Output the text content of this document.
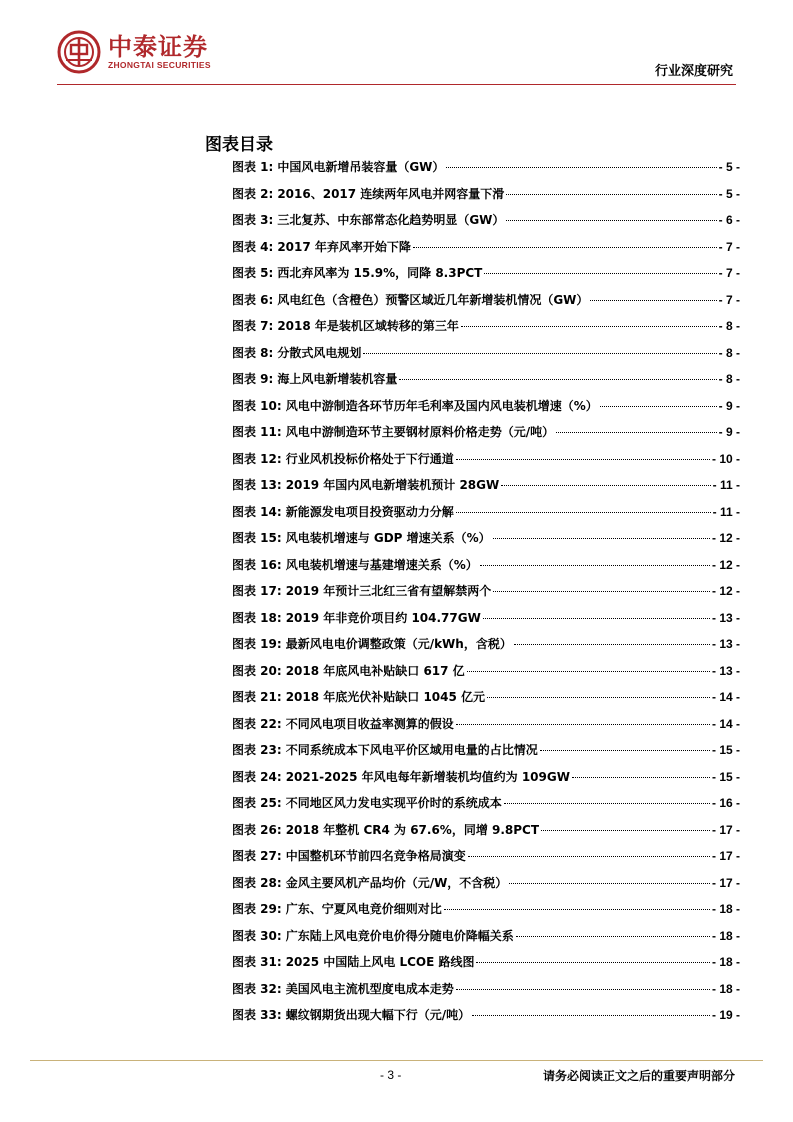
中泰证券
ZHONGTAI SECURITIES	行业深度研究
图表目录
图表 1: 中国风电新增吊装容量（GW）	- 5 -
图表 2: 2016、2017 连续两年风电并网容量下滑	- 5 -
图表 3: 三北复苏、中东部常态化趋势明显（GW）	- 6 -
图表 4: 2017 年弃风率开始下降	- 7 -
图表 5: 西北弃风率为 15.9%，同降 8.3PCT	- 7 -
图表 6: 风电红色（含橙色）预警区域近几年新增装机情况（GW）	- 7 -
图表 7: 2018 年是装机区域转移的第三年	- 8 -
图表 8: 分散式风电规划	- 8 -
图表 9: 海上风电新增装机容量	- 8 -
图表 10: 风电中游制造各环节历年毛利率及国内风电装机增速（%）	- 9 -
图表 11: 风电中游制造环节主要钢材原料价格走势（元/吨）	- 9 -
图表 12: 行业风机投标价格处于下行通道	- 10 -
图表 13: 2019 年国内风电新增装机预计 28GW	- 11 -
图表 14: 新能源发电项目投资驱动力分解	- 11 -
图表 15: 风电装机增速与 GDP 增速关系（%）	- 12 -
图表 16: 风电装机增速与基建增速关系（%）	- 12 -
图表 17: 2019 年预计三北红三省有望解禁两个	- 12 -
图表 18: 2019 年非竞价项目约 104.77GW	- 13 -
图表 19: 最新风电电价调整政策（元/kWh，含税）	- 13 -
图表 20: 2018 年底风电补贴缺口 617 亿	- 13 -
图表 21: 2018 年底光伏补贴缺口 1045 亿元	- 14 -
图表 22: 不同风电项目收益率测算的假设	- 14 -
图表 23: 不同系统成本下风电平价区域用电量的占比情况	- 15 -
图表 24: 2021-2025 年风电每年新增装机均值约为 109GW	- 15 -
图表 25: 不同地区风力发电实现平价时的系统成本	- 16 -
图表 26: 2018 年整机 CR4 为 67.6%，同增 9.8PCT	- 17 -
图表 27: 中国整机环节前四名竞争格局演变	- 17 -
图表 28: 金风主要风机产品均价（元/W，不含税）	- 17 -
图表 29: 广东、宁夏风电竞价细则对比	- 18 -
图表 30: 广东陆上风电竞价电价得分随电价降幅关系	- 18 -
图表 31: 2025 中国陆上风电 LCOE 路线图	- 18 -
图表 32: 美国风电主流机型度电成本走势	- 18 -
图表 33: 螺纹钢期货出现大幅下行（元/吨）	- 19 -
- 3 -	请务必阅读正文之后的重要声明部分
